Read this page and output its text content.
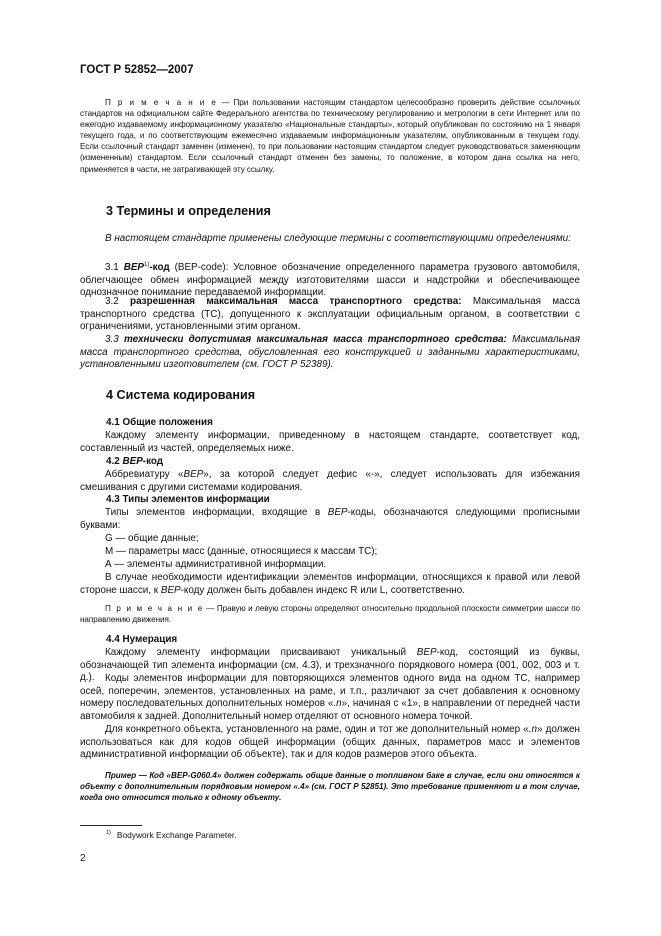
ГОСТ Р 52852—2007

П р и м е ч а н и е — При пользовании настоящим стандартом целесообразно проверить действие ссылочных стандартов на официальном сайте Федерального агентства по техническому регулированию и метрологии в сети Интернет или по ежегодно издаваемому информационному указателю «Национальные стандарты», который опубликован по состоянию на 1 января текущего года, и по соответствующим ежемесячно издаваемым информационным указателям, опубликованным в текущем году. Если ссылочный стандарт заменен (изменен), то при пользовании настоящим стандартом следует руководствоваться заменяющим (измененным) стандартом. Если ссылочный стандарт отменен без замены, то положение, в котором дана ссылка на него, применяется в части, не затрагивающей эту ссылку.

3 Термины и определения

В настоящем стандарте применены следующие термины с соответствующими определениями:

3.1 BEP$^{1)}$-код (BEP-code): Условное обозначение определенного параметра грузового автомобиля, облегчающее обмен информацией между изготовителями шасси и надстройки и обеспечивающее однозначное понимание передаваемой информации.

3.2 разрешенная максимальная масса транспортного средства: Максимальная масса транспортного средства (ТС), допущенного к эксплуатации официальным органом, в соответствии с ограничениями, установленными этим органом.

3.3 технически допустимая максимальная масса транспортного средства: Максимальная масса транспортного средства, обусловленная его конструкцией и заданными характеристиками, установленными изготовителем (см. ГОСТ Р 52389).

4 Система кодирования
4.1 Общие положения

Каждому элементу информации, приведенному в настоящем стандарте, соответствует код, составленный из частей, определяемых ниже.

4.2 BEP-код

Аббревиатуру «BEP», за которой следует дефис «-», следует использовать для избежания смешивания с другими системами кодирования.

4.3 Типы элементов информации

Типы элементов информации, входящие в BEP-коды, обозначаются следующими прописными буквами:

G — общие данные;

М — параметры масс (данные, относящиеся к массам ТС);

А — элементы административной информации.

В случае необходимости идентификации элементов информации, относящихся к правой или левой стороне шасси, к BEP-коду должен быть добавлен индекс R или L, соответственно.

П р и м е ч а н и е — Правую и левую стороны определяют относительно продольной плоскости симметрии шасси по направлению движения.

4.4 Нумерация

Каждому элементу информации присваивают уникальный BEP-код, состоящий из буквы, обозначающей тип элемента информации (см. 4.3), и трехзначного порядкового номера (001, 002, 003 и т. д.).	Коды элементов информации для повторяющихся элементов одного вида на одном ТС, например осей, поперечин, элементов, установленных на раме, и т.п., различают за счет добавления к основному номеру последовательных дополнительных номеров «.n», начиная с «1», в направлении от передней части автомобиля к задней. Дополнительный номер отделяют от основного номера точкой.

Для конкретного объекта, установленного на раме, один и тот же дополнительный номер «.n» должен использоваться как для кодов общей информации (общих данных, параметров масс и элементов административной информации об объекте), так и для кодов размеров этого объекта.

Пример — Код «BEP-G060.4» должен содержать общие данные о топливном баке в случае, если они относятся к объекту с дополнительным порядковым номером «.4» (см. ГОСТ Р 52851). Это требование применяют и в том случае, когда оно относится только к одному объекту.

$^{1)}$ Bodywork Exchange Parameter.
2
